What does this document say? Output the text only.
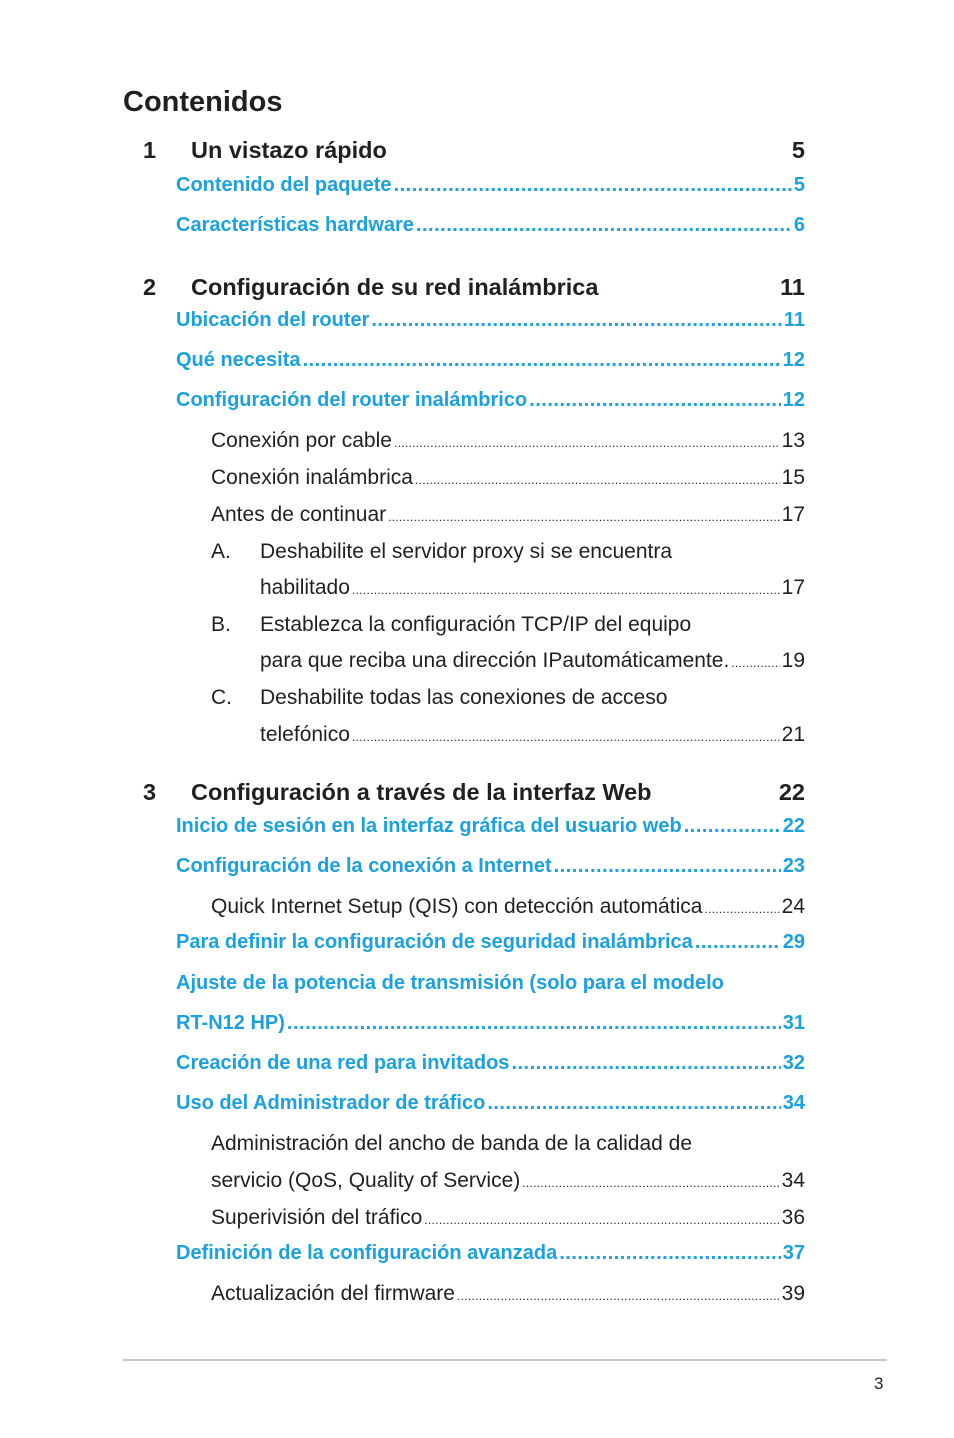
Contenidos
1	Un vistazo rápido	5
Contenido del paquete .....	5
Características hardware .....	6
2	Configuración de su red inalámbrica	11
Ubicación del router .....	11
Qué necesita .....	12
Configuración del router inalámbrico .....	12
Conexión por cable .....	13
Conexión inalámbrica .....	15
Antes de continuar .....	17
A.	Deshabilite el servidor proxy si se encuentra
habilitado .....	17
B.	Establezca la configuración TCP/IP del equipo
para que reciba una dirección IPautomáticamente. ..... 19
C.	Deshabilite todas las conexiones de acceso
telefónico .....	21
3	Configuración a través de la interfaz Web	22
Inicio de sesión en la interfaz gráfica del usuario web .....	22
Configuración de la conexión a Internet .....	23
Quick Internet Setup (QIS) con detección automática .....	24
Para definir la configuración de seguridad inalámbrica .....	29
Ajuste de la potencia de transmisión (solo para el modelo
RT-N12 HP) .....	31
Creación de una red para invitados .....	32
Uso del Administrador de tráfico .....	34
Administración del ancho de banda de la calidad de
servicio (QoS, Quality of Service) .....	34
Superivisión del tráfico .....	36
Definición de la configuración avanzada .....	37
Actualización del firmware .....	39
3
